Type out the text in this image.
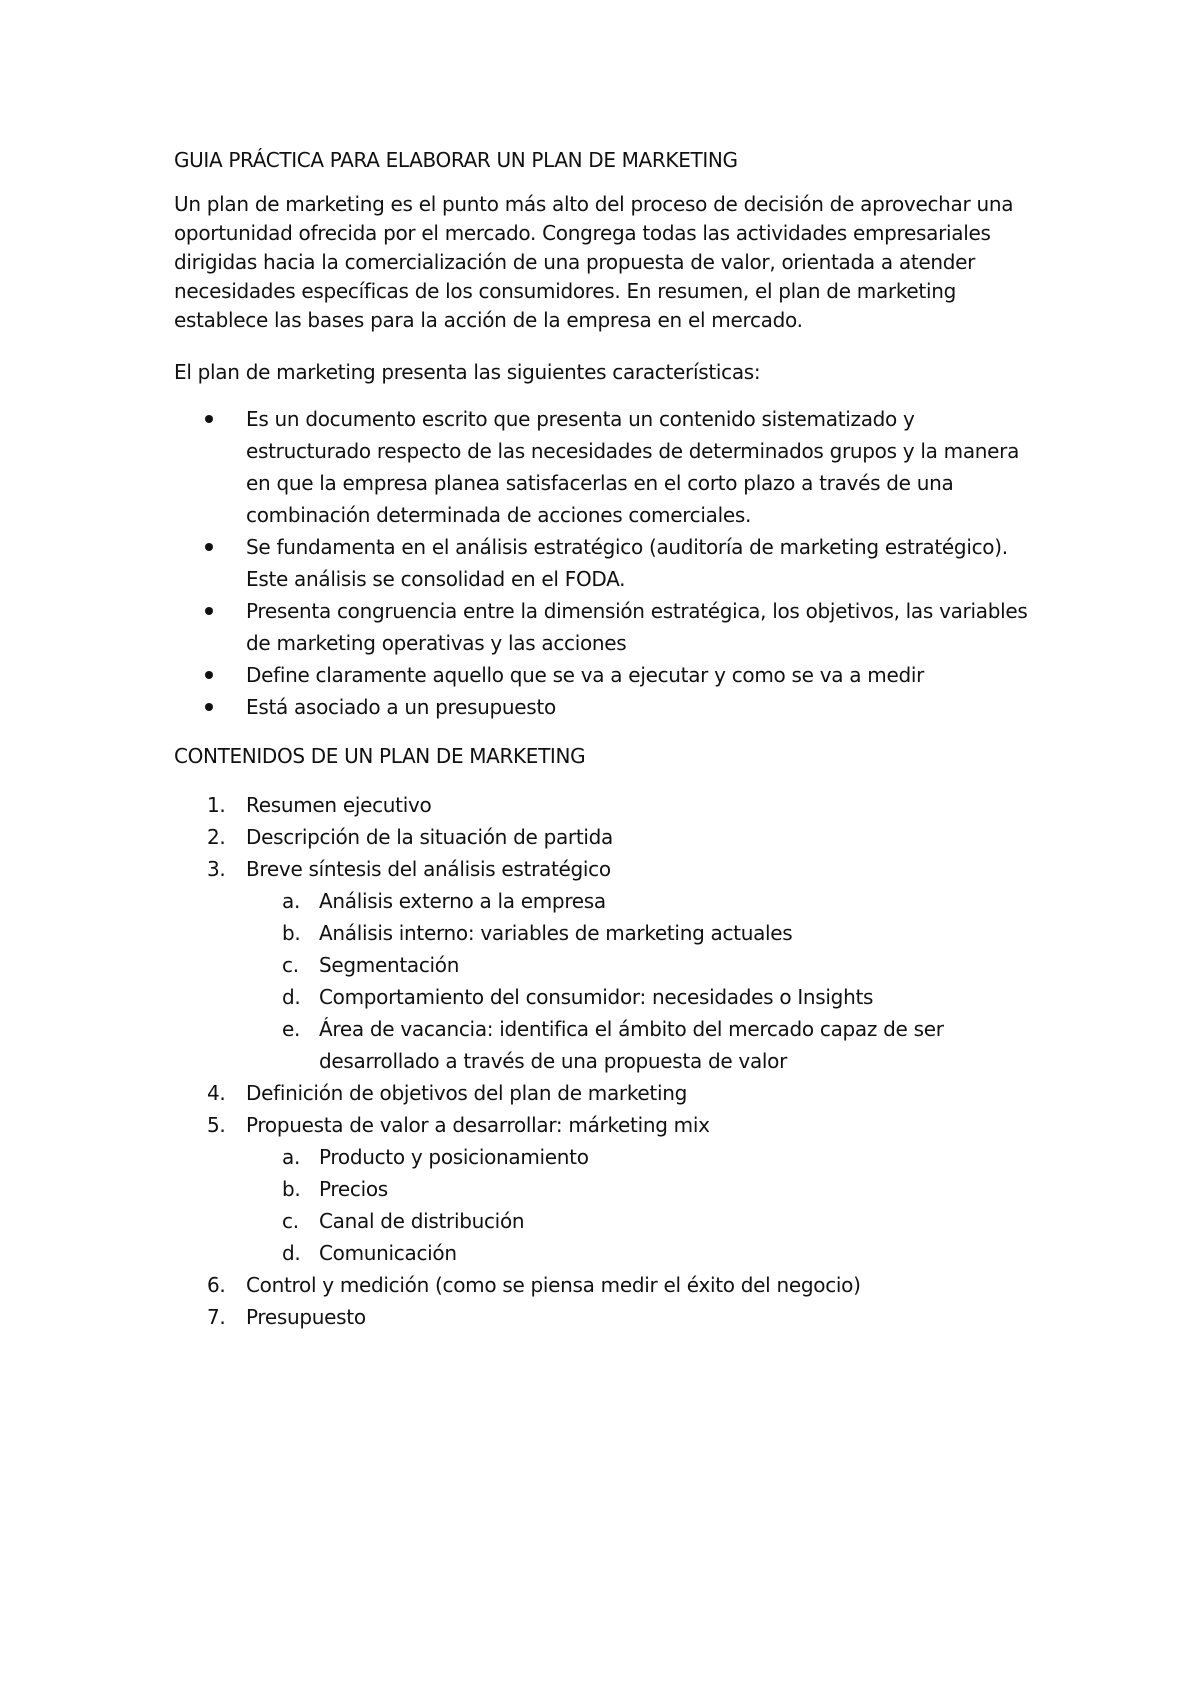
GUIA PRÁCTICA PARA ELABORAR UN PLAN DE MARKETING

Un plan de marketing es el punto más alto del proceso de decisión de aprovechar una
oportunidad ofrecida por el mercado. Congrega todas las actividades empresariales
dirigidas hacia la comercialización de una propuesta de valor, orientada a atender
necesidades específicas de los consumidores. En resumen, el plan de marketing
establece las bases para la acción de la empresa en el mercado.

El plan de marketing presenta las siguientes características:

Es un documento escrito que presenta un contenido sistematizado y
estructurado respecto de las necesidades de determinados grupos y la manera
en que la empresa planea satisfacerlas en el corto plazo a través de una
combinación determinada de acciones comerciales.
Se fundamenta en el análisis estratégico (auditoría de marketing estratégico).
Este análisis se consolidad en el FODA.
Presenta congruencia entre la dimensión estratégica, los objetivos, las variables
de marketing operativas y las acciones
Define claramente aquello que se va a ejecutar y como se va a medir
Está asociado a un presupuesto
CONTENIDOS DE UN PLAN DE MARKETING
1. Resumen ejecutivo
2. Descripción de la situación de partida
3. Breve síntesis del análisis estratégico
a. Análisis externo a la empresa
b. Análisis interno: variables de marketing actuales
c. Segmentación
d. Comportamiento del consumidor: necesidades o Insights
e. Área de vacancia: identifica el ámbito del mercado capaz de ser
desarrollado a través de una propuesta de valor
4. Definición de objetivos del plan de marketing
5. Propuesta de valor a desarrollar: márketing mix
a. Producto y posicionamiento
b. Precios
c. Canal de distribución
d. Comunicación
6. Control y medición (como se piensa medir el éxito del negocio)
7. Presupuesto
